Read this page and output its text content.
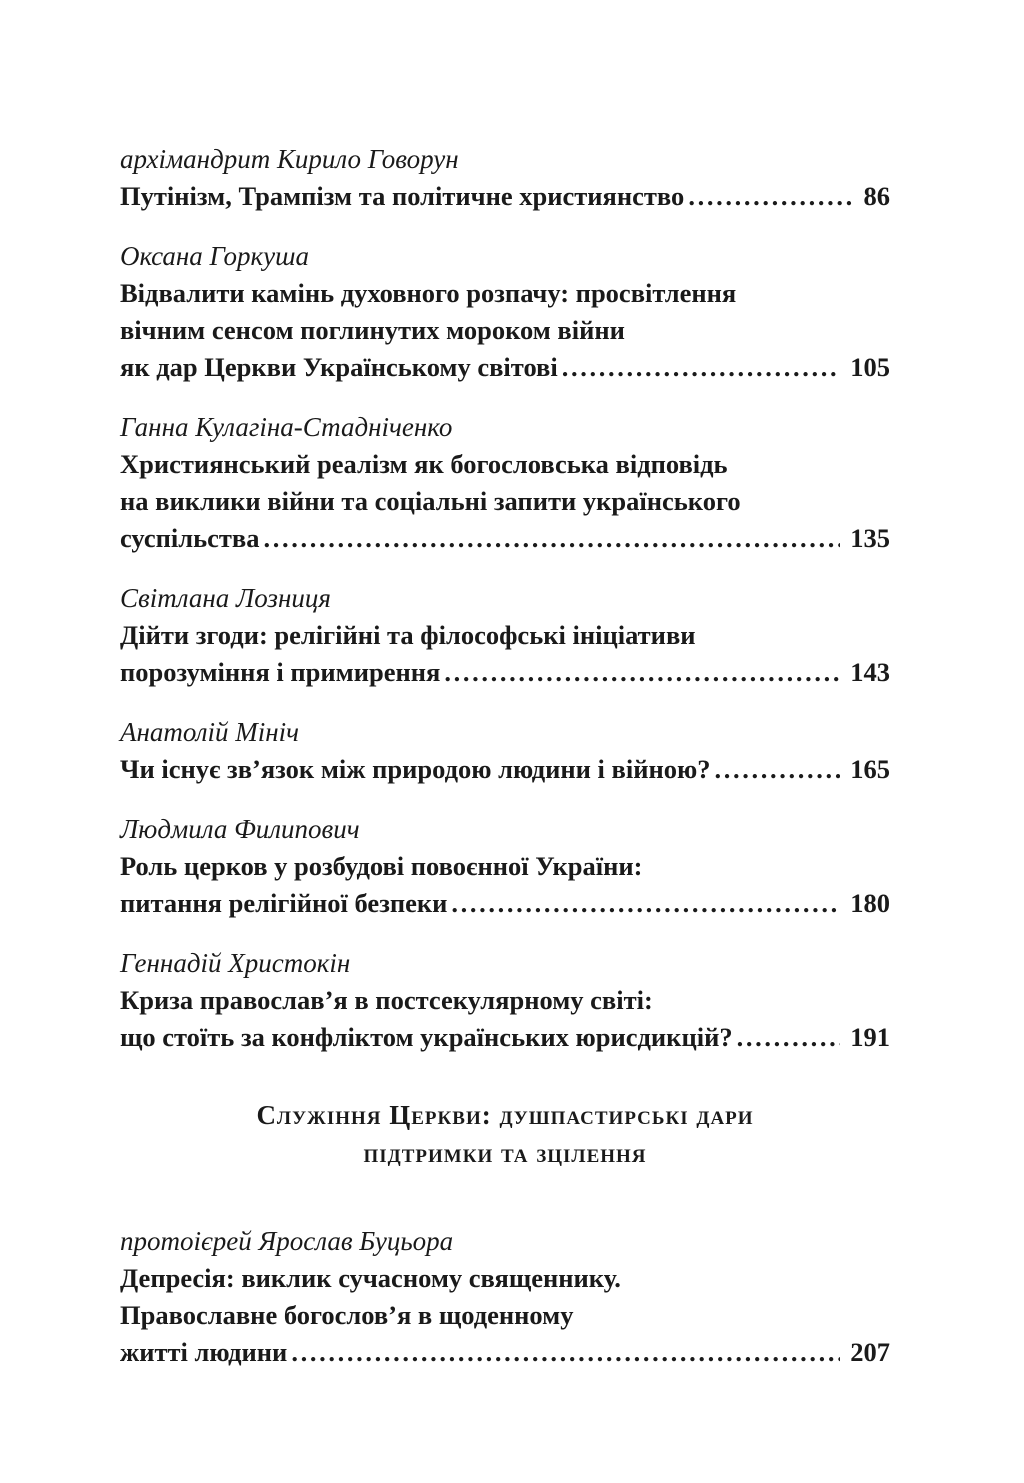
архімандрит Кирило Говорун
Путінізм, Трампізм та політичне християнство . . .	86
Оксана Горкуша
Відвалити камінь духовного розпачу: просвітлення
вічним сенсом поглинутих мороком війни
як дар Церкви Українському світові . . .	105
Ганна Кулагіна-Стадніченко
Християнський реалізм як богословська відповідь
на виклики війни та соціальні запити українського
суспільства . . .	135
Світлана Лозниця
Дійти згоди: релігійні та філософські ініціативи
порозуміння і примирення . . .	143
Анатолій Мініч
Чи існує зв’язок між природою людини і війною? . . .	165
Людмила Филипович
Роль церков у розбудові повоєнної України:
питання релігійної безпеки . . .	180
Геннадій Христокін
Криза православ’я в постсекулярному світі:
що стоїть за конфліктом українських юрисдикцій? . . .	191
Служіння Церкви: душпастирські дари
підтримки та зцілення
протоієрей Ярослав Буцьора
Депресія: виклик сучасному священнику.
Православне богослов’я в щоденному
житті людини . . .	207
